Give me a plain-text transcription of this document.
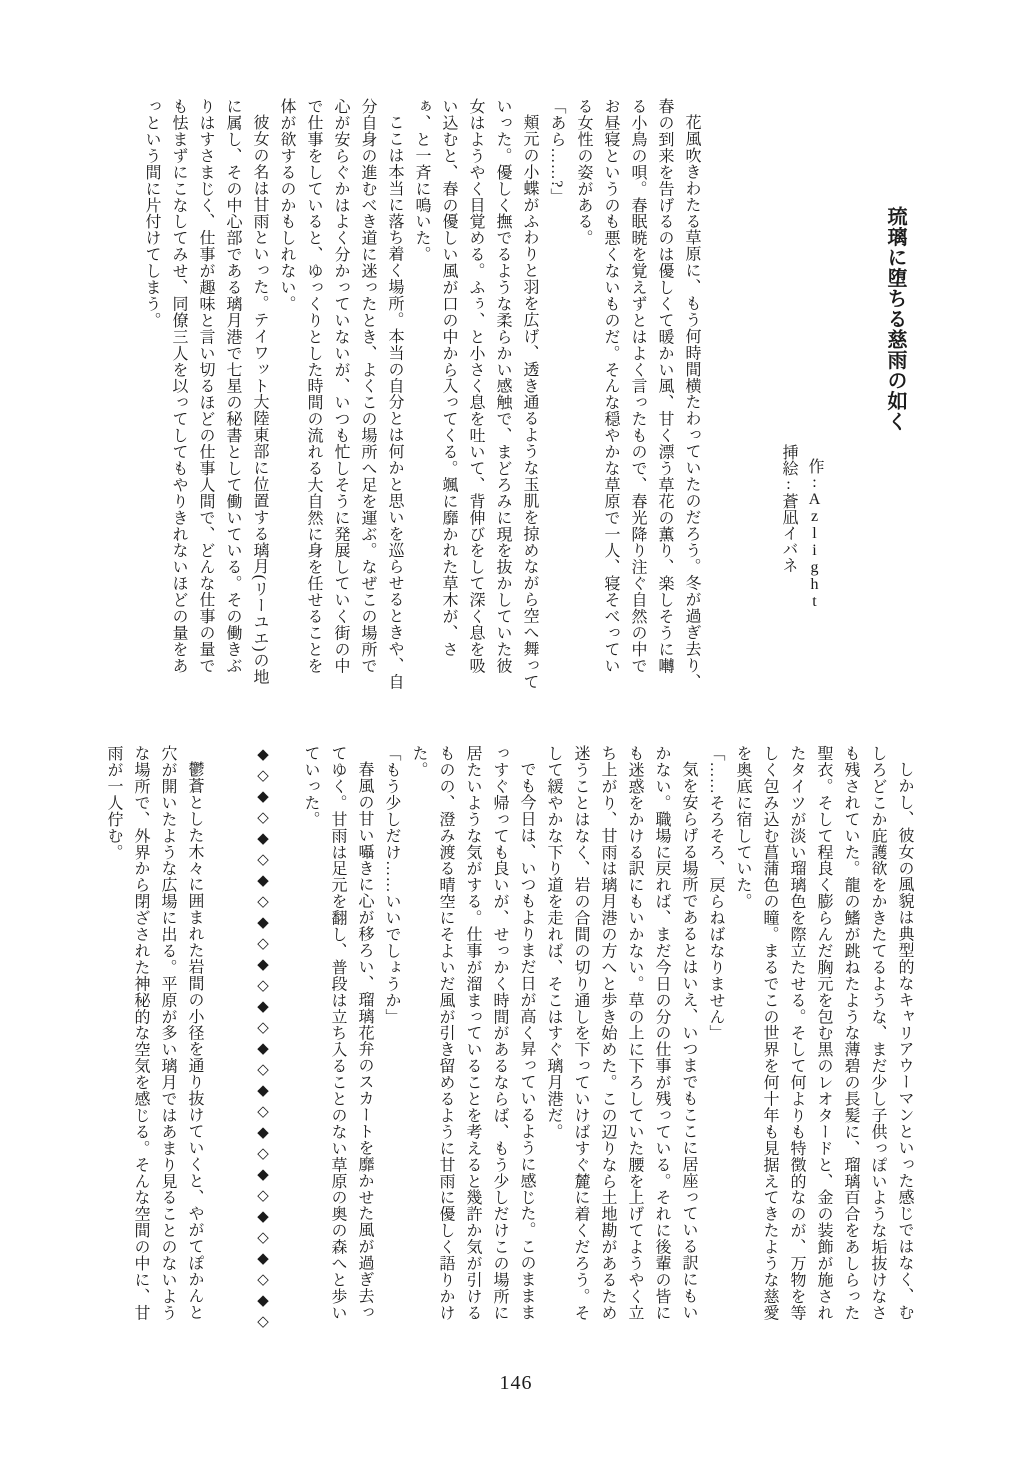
琉璃に堕ちる慈雨の如く
作:Azlight
挿絵:蒼凪イバネ

花風吹きわたる草原に、もう何時間横たわっていたのだろう。冬が過ぎ去り、春の到来を告げるのは優しくて暖かい風、甘く漂う草花の薫り、楽しそうに囀る小鳥の唄。春眠暁を覚えずとはよく言ったもので、春光降り注ぐ自然の中でお昼寝というのも悪くないものだ。そんな穏やかな草原で一人、寝そべっている女性の姿がある。

「あら……?」

頬元の小蝶がふわりと羽を広げ、透き通るような玉肌を掠めながら空へ舞っていった。優しく撫でるような柔らかい感触で、まどろみに現を抜かしていた彼女はようやく目覚める。ふぅ、と小さく息を吐いて、背伸びをして深く息を吸い込むと、春の優しい風が口の中から入ってくる。颯に靡かれた草木が、さぁ、と一斉に鳴いた。

ここは本当に落ち着く場所。本当の自分とは何かと思いを巡らせるときや、自分自身の進むべき道に迷ったとき、よくこの場所へ足を運ぶ。なぜこの場所で心が安らぐかはよく分かっていないが、いつも忙しそうに発展していく街の中で仕事をしていると、ゆっくりとした時間の流れる大自然に身を任せることを体が欲するのかもしれない。

彼女の名は甘雨といった。テイワット大陸東部に位置する璃月(リーユエ)の地に属し、その中心部である璃月港で七星の秘書として働いている。その働きぶりはすさまじく、仕事が趣味と言い切るほどの仕事人間で、どんな仕事の量でも怯まずにこなしてみせ、同僚三人を以ってしてもやりきれないほどの量をあっという間に片付けてしまう。

しかし、彼女の風貌は典型的なキャリアウーマンといった感じではなく、むしろどこか庇護欲をかきたてるような、まだ少し子供っぽいような垢抜けなさも残されていた。龍の鰭が跳ねたような薄碧の長髪に、瑠璃百合をあしらった聖衣。そして程良く膨らんだ胸元を包む黒のレオタードと、金の装飾が施されたタイツが淡い瑠璃色を際立たせる。そして何よりも特徴的なのが、万物を等しく包み込む菖蒲色の瞳。まるでこの世界を何十年も見据えてきたような慈愛を奥底に宿していた。

「……そろそろ、戻らねばなりません」

気を安らげる場所であるとはいえ、いつまでもここに居座っている訳にもいかない。職場に戻れば、まだ今日の分の仕事が残っている。それに後輩の皆にも迷惑をかける訳にもいかない。草の上に下ろしていた腰を上げてようやく立ち上がり、甘雨は璃月港の方へと歩き始めた。この辺りなら土地勘があるため迷うことはなく、岩の合間の切り通しを下っていけばすぐ麓に着くだろう。そして緩やかな下り道を走れば、そこはすぐ璃月港だ。

でも今日は、いつもよりまだ日が高く昇っているように感じた。このまままっすぐ帰っても良いが、せっかく時間があるならば、もう少しだけこの場所に居たいような気がする。仕事が溜まっていることを考えると幾許か気が引けるものの、澄み渡る晴空にそよいだ風が引き留めるように甘雨に優しく語りかけた。

「もう少しだけ……いいでしょうか」

春風の甘い囁きに心が移ろい、瑠璃花弁のスカートを靡かせた風が過ぎ去ってゆく。甘雨は足元を翻し、普段は立ち入ることのない草原の奥の森へと歩いていった。

◆◇◆◇◆◇◆◇◆◇◆◇◆◇◆◇◆◇◆◇◆◇◆◇◆◇◆◇

鬱蒼とした木々に囲まれた岩間の小径を通り抜けていくと、やがてぽかんと穴が開いたような広場に出る。平原が多い璃月ではあまり見ることのないような場所で、外界から閉ざされた神秘的な空気を感じる。そんな空間の中に、甘雨が一人佇む。

146
